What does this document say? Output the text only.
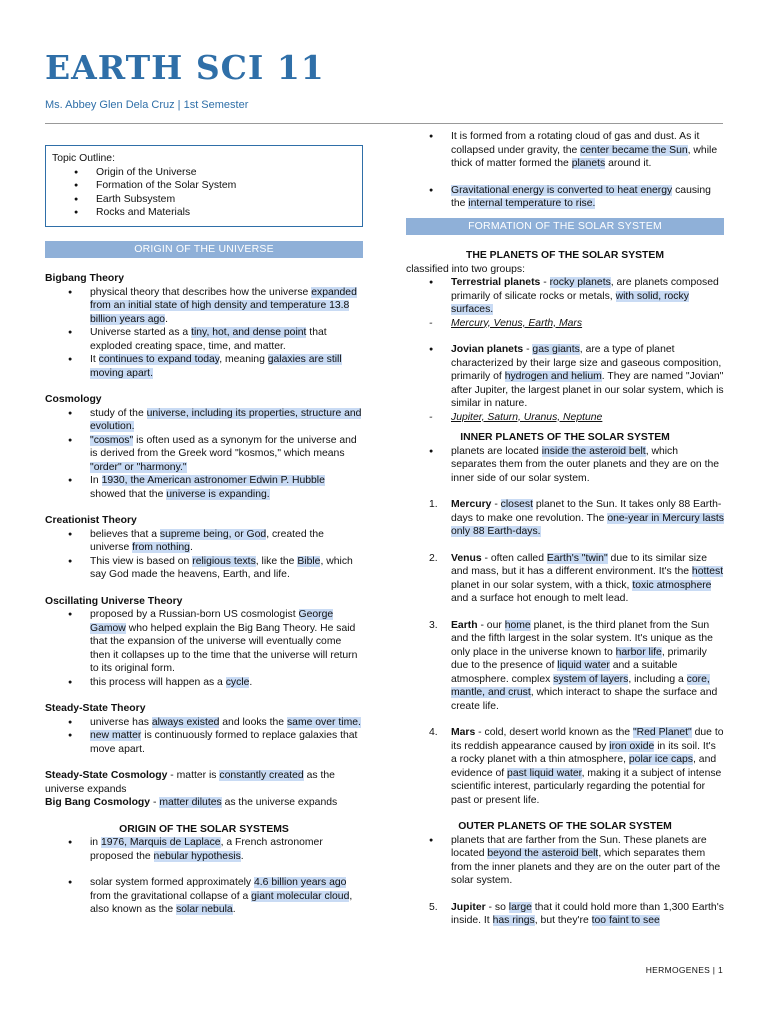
EARTH SCI 11
Ms. Abbey Glen Dela Cruz | 1st Semester

Topic Outline:

● Origin of the Universe
● Formation of the Solar System
● Earth Subsystem
● Rocks and Materials
ORIGIN OF THE UNIVERSE

Bigbang Theory

● physical theory that describes how the universe expanded from an initial state of high density and temperature 13.8 billion years ago.
● Universe started as a tiny, hot, and dense point that exploded creating space, time, and matter.
● It continues to expand today, meaning galaxies are still moving apart.

Cosmology

● study of the universe, including its properties, structure and evolution.
● "cosmos" is often used as a synonym for the universe and is derived from the Greek word "kosmos," which means "order" or "harmony."
● In 1930, the American astronomer Edwin P. Hubble showed that the universe is expanding.

Creationist Theory

● believes that a supreme being, or God, created the universe from nothing.
● This view is based on religious texts, like the Bible, which say God made the heavens, Earth, and life.

Oscillating Universe Theory

● proposed by a Russian-born US cosmologist George Gamow who helped explain the Big Bang Theory. He said that the expansion of the universe will eventually come then it collapses up to the time that the universe will return to its original form.
● this process will happen as a cycle.

Steady-State Theory

● universe has always existed and looks the same over time.
● new matter is continuously formed to replace galaxies that move apart.

Steady-State Cosmology - matter is constantly created as the universe expands

Big Bang Cosmology - matter dilutes as the universe expands

ORIGIN OF THE SOLAR SYSTEMS

● in 1976, Marquis de Laplace, a French astronomer proposed the nebular hypothesis.
● solar system formed approximately 4.6 billion years ago from the gravitational collapse of a giant molecular cloud, also known as the solar nebula.
● It is formed from a rotating cloud of gas and dust. As it collapsed under gravity, the center became the Sun, while thick of matter formed the planets around it.
● Gravitational energy is converted to heat energy causing the internal temperature to rise.
FORMATION OF THE SOLAR SYSTEM

THE PLANETS OF THE SOLAR SYSTEM

classified into two groups:

● Terrestrial planets - rocky planets, are planets composed primarily of silicate rocks or metals, with solid, rocky surfaces.
- Mercury, Venus, Earth, Mars
● Jovian planets - gas giants, are a type of planet characterized by their large size and gaseous composition, primarily of hydrogen and helium. They are named "Jovian" after Jupiter, the largest planet in our solar system, which is similar in nature.
- Jupiter, Saturn, Uranus, Neptune

INNER PLANETS OF THE SOLAR SYSTEM

● planets are located inside the asteroid belt, which separates them from the outer planets and they are on the inner side of our solar system.
1. Mercury - closest planet to the Sun. It takes only 88 Earth-days to make one revolution. The one-year in Mercury lasts only 88 Earth-days.
2. Venus - often called Earth's "twin" due to its similar size and mass, but it has a different environment. It's the hottest planet in our solar system, with a thick, toxic atmosphere and a surface hot enough to melt lead.
3. Earth - our home planet, is the third planet from the Sun and the fifth largest in the solar system. It's unique as the only place in the universe known to harbor life, primarily due to the presence of liquid water and a suitable atmosphere. complex system of layers, including a core, mantle, and crust, which interact to shape the surface and create life.
4. Mars - cold, desert world known as the "Red Planet" due to its reddish appearance caused by iron oxide in its soil. It's a rocky planet with a thin atmosphere, polar ice caps, and evidence of past liquid water, making it a subject of intense scientific interest, particularly regarding the potential for past or present life.

OUTER PLANETS OF THE SOLAR SYSTEM

● planets that are farther from the Sun. These planets are located beyond the asteroid belt, which separates them from the inner planets and they are on the outer part of the solar system.
5. Jupiter - so large that it could hold more than 1,300 Earth's inside. It has rings, but they're too faint to see
HERMOGENES | 1
